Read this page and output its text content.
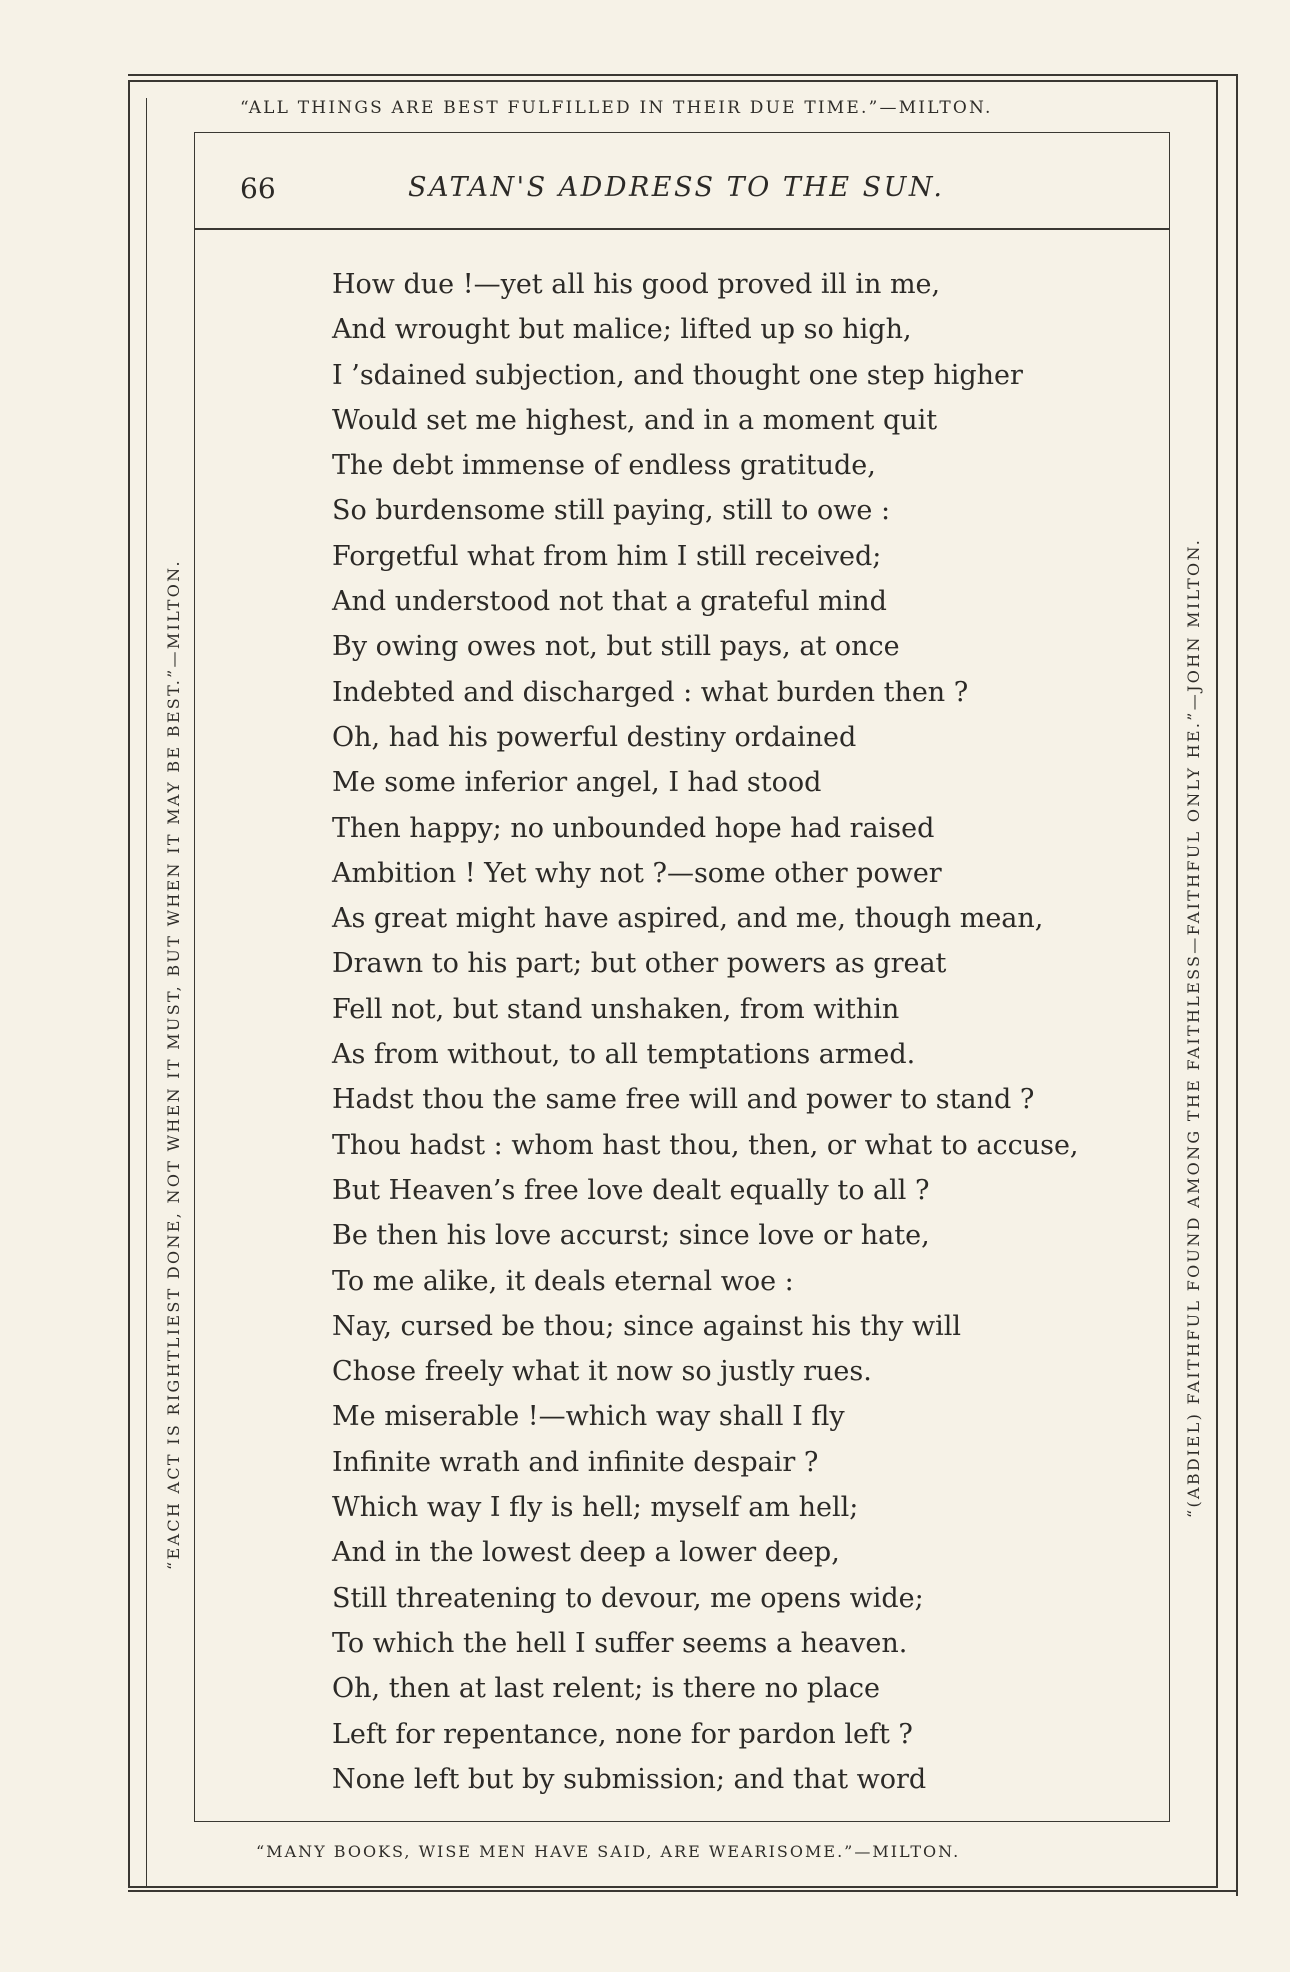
“ALL THINGS ARE BEST FULFILLED IN THEIR DUE TIME.”—MILTON.
“EACH ACT IS RIGHTLIEST DONE, NOT WHEN IT MUST, BUT WHEN IT MAY BE BEST.”—MILTON.	“(ABDIEL) FAITHFUL FOUND AMONG THE FAITHLESS—FAITHFUL ONLY HE.”—JOHN MILTON.
“MANY BOOKS, WISE MEN HAVE SAID, ARE WEARISOME.”—MILTON.
66	SATAN'S ADDRESS TO THE SUN.
How due !—yet all his good proved ill in me,
And wrought but malice; lifted up so high,
I ’sdained subjection, and thought one step higher
Would set me highest, and in a moment quit
The debt immense of endless gratitude,
So burdensome still paying, still to owe :
Forgetful what from him I still received;
And understood not that a grateful mind
By owing owes not, but still pays, at once
Indebted and discharged : what burden then ?
Oh, had his powerful destiny ordained
Me some inferior angel, I had stood
Then happy; no unbounded hope had raised
Ambition ! Yet why not ?—some other power
As great might have aspired, and me, though mean,
Drawn to his part; but other powers as great
Fell not, but stand unshaken, from within
As from without, to all temptations armed.
Hadst thou the same free will and power to stand ?
Thou hadst : whom hast thou, then, or what to accuse,
But Heaven’s free love dealt equally to all ?
Be then his love accurst; since love or hate,
To me alike, it deals eternal woe :
Nay, cursed be thou; since against his thy will
Chose freely what it now so justly rues.
Me miserable !—which way shall I fly
Infinite wrath and infinite despair ?
Which way I fly is hell; myself am hell;
And in the lowest deep a lower deep,
Still threatening to devour, me opens wide;
To which the hell I suffer seems a heaven.
Oh, then at last relent; is there no place
Left for repentance, none for pardon left ?
None left but by submission; and that word
